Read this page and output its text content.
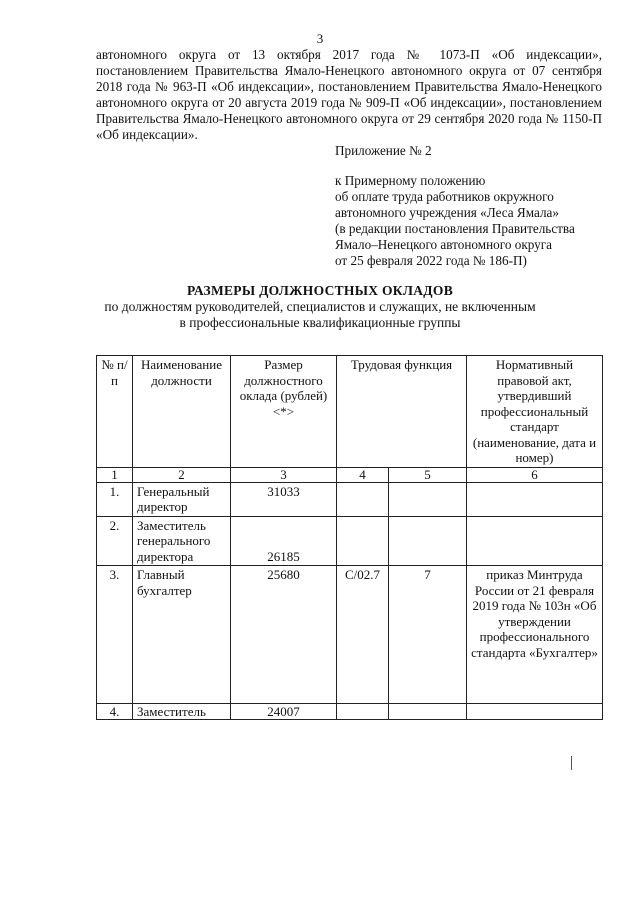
3

автономного округа от 13 октября 2017 года № 1073-П «Об индексации», постановлением Правительства Ямало-Ненецкого автономного округа от 07 сентября 2018 года № 963-П «Об индексации», постановлением Правительства Ямало-Ненецкого автономного округа от 20 августа 2019 года № 909-П «Об индексации», постановлением Правительства Ямало-Ненецкого автономного округа от 29 сентября 2020 года № 1150-П «Об индексации».

Приложение № 2
к Примерному положению
об оплате труда работников окружного
автономного учреждения «Леса Ямала»
(в редакции постановления Правительства
Ямало–Ненецкого автономного округа
от 25 февраля 2022 года № 186-П)
РАЗМЕРЫ ДОЛЖНОСТНЫХ ОКЛАДОВ
по должностям руководителей, специалистов и служащих, не включенным
в профессиональные квалификационные группы
№ п/п	Наименование должности	Размер должностного оклада (рублей) <*>	Трудовая функция		Нормативный правовой акт, утвердивший профессиональный стандарт (наименование, дата и номер)
1	2	3	4	5	6
1.	Генеральный директор	31033			
2.	Заместитель генерального директора	26185			
3.	Главный бухгалтер	25680	С/02.7	7	приказ Минтруда России от 21 февраля 2019 года № 103н «Об утверждении профессионального стандарта «Бухгалтер»
4.	Заместитель	24007			
